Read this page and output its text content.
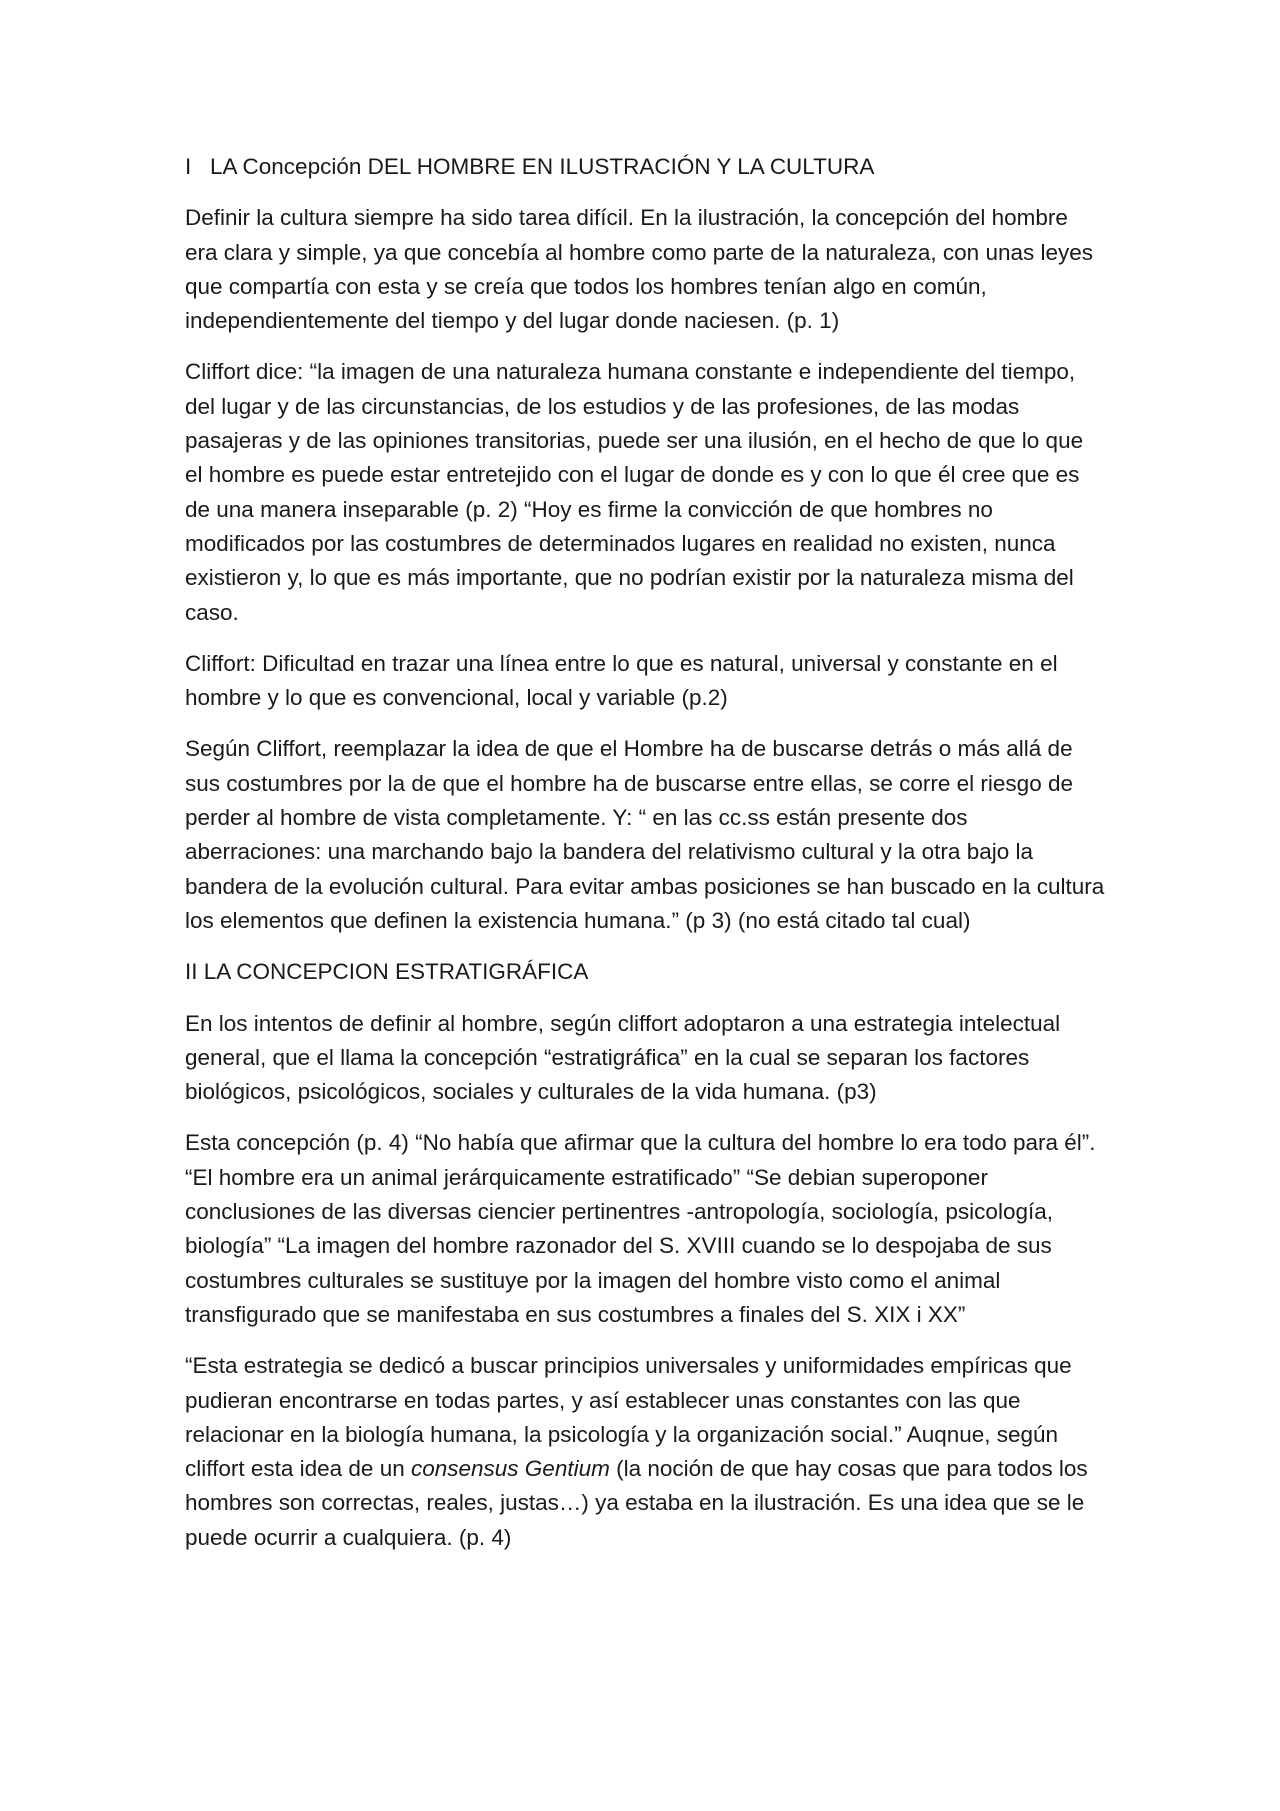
I   LA Concepción DEL HOMBRE EN ILUSTRACIÓN Y LA CULTURA

Definir la cultura siempre ha sido tarea difícil. En la ilustración, la concepción del hombre era clara y simple, ya que concebía al hombre como parte de la naturaleza, con unas leyes que compartía con esta y se creía que todos los hombres tenían algo en común, independientemente del tiempo y del lugar donde naciesen. (p. 1)

Cliffort dice: “la imagen de una naturaleza humana constante e independiente del tiempo, del lugar y de las circunstancias, de los estudios y de las profesiones, de las modas pasajeras y de las opiniones transitorias, puede ser una ilusión, en el hecho de que lo que el hombre es puede estar entretejido con el lugar de donde es y con lo que él cree que es de una manera inseparable (p. 2) “Hoy es firme la convicción de que hombres no modificados por las costumbres de determinados lugares en realidad no existen, nunca existieron y, lo que es más importante, que no podrían existir por la naturaleza misma del caso.

Cliffort: Dificultad en trazar una línea entre lo que es natural, universal y constante en el hombre y lo que es convencional, local y variable (p.2)

Según Cliffort, reemplazar la idea de que el Hombre ha de buscarse detrás o más allá de sus costumbres por la de que el hombre ha de buscarse entre ellas, se corre el riesgo de perder al hombre de vista completamente. Y: “ en las cc.ss están presente dos aberraciones: una marchando bajo la bandera del relativismo cultural y la otra bajo la bandera de la evolución cultural. Para evitar ambas posiciones se han buscado en la cultura los elementos que definen la existencia humana.” (p 3) (no está citado tal cual)

II LA CONCEPCION ESTRATIGRÁFICA

En los intentos de definir al hombre, según cliffort adoptaron a una estrategia intelectual general, que el llama la concepción “estratigráfica” en la cual se separan los factores biológicos, psicológicos, sociales y culturales de la vida humana. (p3)

Esta concepción (p. 4) “No había que afirmar que la cultura del hombre lo era todo para él”. “El hombre era un animal jerárquicamente estratificado” “Se debian superoponer conclusiones de las diversas ciencier pertinentres -antropología, sociología, psicología, biología” “La imagen del hombre razonador del S. XVIII cuando se lo despojaba de sus costumbres culturales se sustituye por la imagen del hombre visto como el animal transfigurado que se manifestaba en sus costumbres a finales del S. XIX i XX”

“Esta estrategia se dedicó a buscar principios universales y uniformidades empíricas que pudieran encontrarse en todas partes, y así establecer unas constantes con las que relacionar en la biología humana, la psicología y la organización social.” Auqnue, según cliffort esta idea de un consensus Gentium (la noción de que hay cosas que para todos los hombres son correctas, reales, justas…) ya estaba en la ilustración. Es una idea que se le puede ocurrir a cualquiera. (p. 4)
